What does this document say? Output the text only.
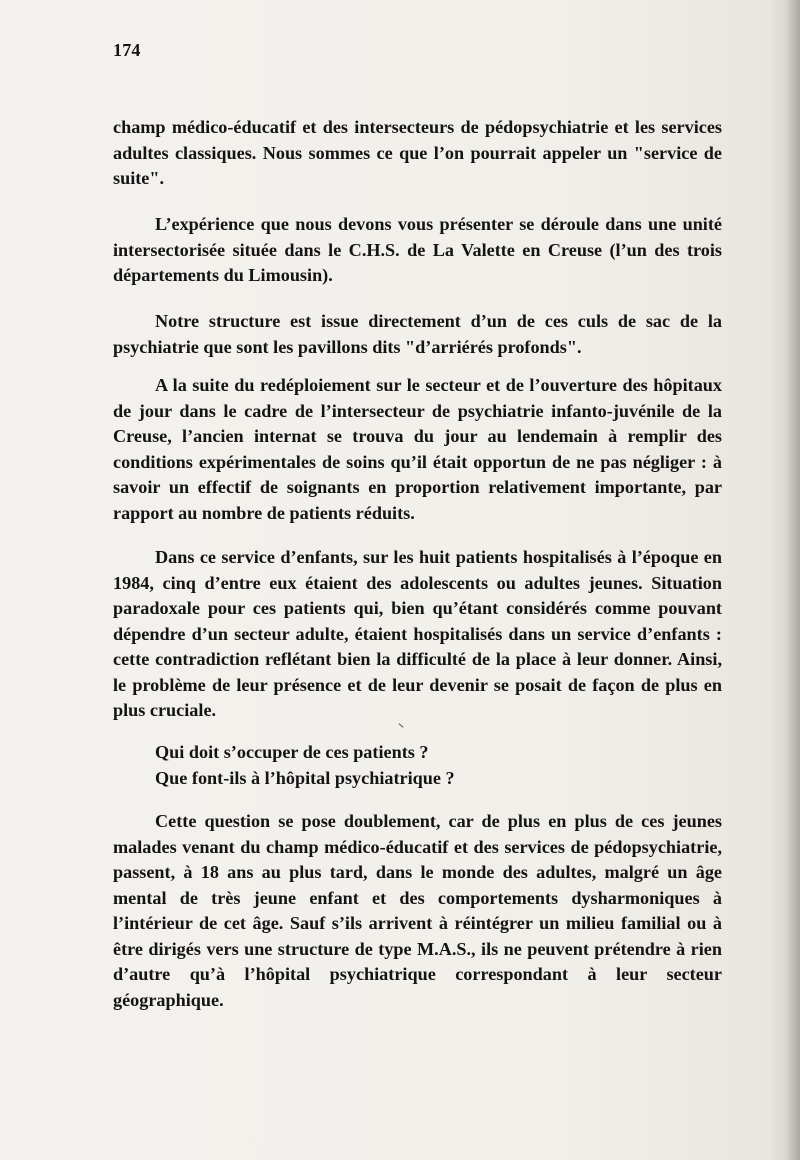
174

champ médico-éducatif et des intersecteurs de pédopsychiatrie et les services adultes classiques. Nous sommes ce que l’on pourrait appeler un "service de suite".

L’expérience que nous devons vous présenter se déroule dans une unité intersectorisée située dans le C.H.S. de La Valette en Creuse (l’un des trois départements du Limousin).

Notre structure est issue directement d’un de ces culs de sac de la psychiatrie que sont les pavillons dits "d’arriérés profonds".

A la suite du redéploiement sur le secteur et de l’ouverture des hôpitaux de jour dans le cadre de l’intersecteur de psychiatrie infanto-juvénile de la Creuse, l’ancien internat se trouva du jour au lendemain à remplir des conditions expérimentales de soins qu’il était opportun de ne pas négliger : à savoir un effectif de soignants en proportion relativement importante, par rapport au nombre de patients réduits.

Dans ce service d’enfants, sur les huit patients hospitalisés à l’époque en 1984, cinq d’entre eux étaient des adolescents ou adultes jeunes. Situation paradoxale pour ces patients qui, bien qu’étant considérés comme pouvant dépendre d’un secteur adulte, étaient hospitalisés dans un service d’enfants : cette contradiction reflétant bien la difficulté de la place à leur donner. Ainsi, le problème de leur présence et de leur devenir se posait de façon de plus en plus cruciale.

Qui doit s’occuper de ces patients ?

Que font-ils à l’hôpital psychiatrique ?

Cette question se pose doublement, car de plus en plus de ces jeunes malades venant du champ médico-éducatif et des services de pédopsychiatrie, passent, à 18 ans au plus tard, dans le monde des adultes, malgré un âge mental de très jeune enfant et des comportements dysharmoniques à l’intérieur de cet âge. Sauf s’ils arrivent à réintégrer un milieu familial ou à être dirigés vers une structure de type M.A.S., ils ne peuvent prétendre à rien d’autre qu’à l’hôpital psychiatrique correspondant à leur secteur géographique.
